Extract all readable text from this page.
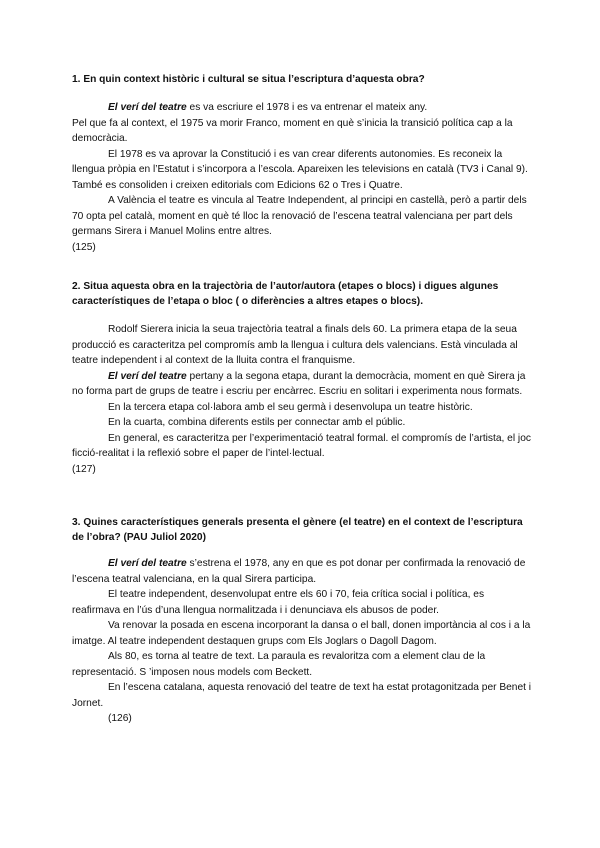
1. En quin context històric i cultural se situa l’escriptura d’aquesta obra?

El verí del teatre es va escriure el 1978 i es va entrenar el mateix any.

Pel que fa al context, el 1975 va morir Franco, moment en què s’inicia la transició política cap a la democràcia.

El 1978 es va aprovar la Constitució i es van crear diferents autonomies. Es reconeix la llengua pròpia en l’Estatut i s’incorpora a l’escola. Apareixen les televisions en català (TV3 i Canal 9). També es consoliden i creixen editorials com Edicions 62 o Tres i Quatre.

A València el teatre es vincula al Teatre Independent, al principi en castellà, però a partir dels 70 opta pel català, moment en què té lloc la renovació de l’escena teatral valenciana per part dels germans Sirera i Manuel Molins entre altres.

(125)

2. Situa aquesta obra en la trajectòria de l’autor/autora (etapes o blocs) i digues algunes característiques de l’etapa o bloc ( o diferències a altres etapes o blocs).

Rodolf Sierera inicia la seua trajectòria teatral a finals dels 60. La primera etapa de la seua producció es caracteritza pel compromís amb la llengua i cultura dels valencians. Està vinculada al teatre independent i al context de la lluita contra el franquisme.

El verí del teatre pertany a la segona etapa, durant la democràcia, moment en què Sirera ja no forma part de grups de teatre i escriu per encàrrec. Escriu en solitari i experimenta nous formats.

En la tercera etapa col·labora amb el seu germà i desenvolupa un teatre històric.

En la cuarta, combina diferents estils per connectar amb el públic.

En general, es caracteritza per l’experimentació teatral formal. el compromís de l’artista, el joc ficció-realitat i la reflexió sobre el paper de l’intel·lectual.

(127)

3. Quines característiques generals presenta el gènere (el teatre) en el context de l’escriptura de l’obra? (PAU Juliol 2020)

El verí del teatre s’estrena el 1978, any en que es pot donar per confirmada la renovació de l’escena teatral valenciana, en la qual Sirera participa.

El teatre independent, desenvolupat entre els 60 i 70, feia crítica social i política, es reafirmava en l’ús d’una llengua normalitzada i i denunciava els abusos de poder.

Va renovar la posada en escena incorporant la dansa o el ball, donen importància al cos i a la imatge. Al teatre independent destaquen grups com Els Joglars o Dagoll Dagom.

Als 80, es torna al teatre de text. La paraula es revaloritza com a element clau de la representació. S ’imposen nous models com Beckett.

En l’escena catalana, aquesta renovació del teatre de text ha estat protagonitzada per Benet i Jornet.

(126)
